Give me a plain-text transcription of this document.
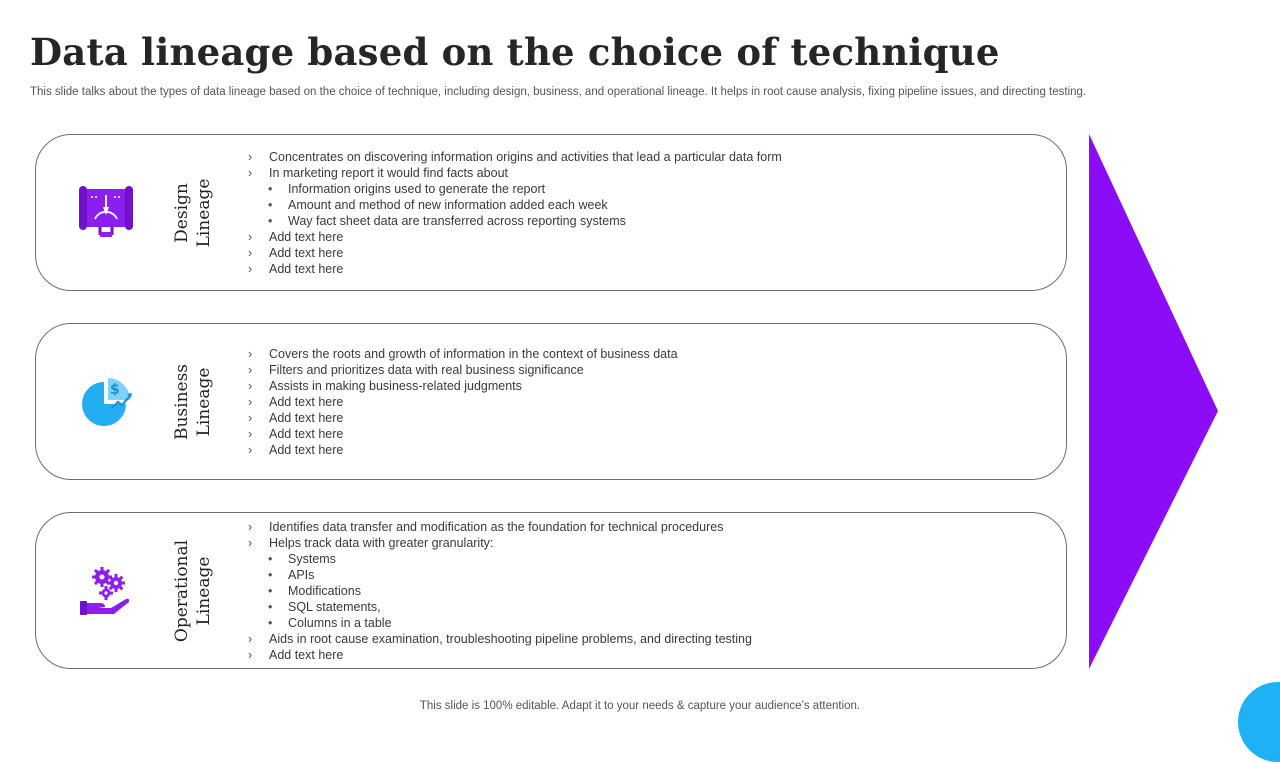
Data lineage based on the choice of technique
This slide talks about the types of data lineage based on the choice of technique, including design, business, and operational lineage. It helps in root cause analysis, fixing pipeline issues, and directing testing.
Design Lineage
› Concentrates on discovering information origins and activities that lead a particular data form
› In marketing report it would find facts about
• Information origins used to generate the report
• Amount and method of new information added each week
• Way fact sheet data are transferred across reporting systems
› Add text here
› Add text here
› Add text here
$	Business Lineage
› Covers the roots and growth of information in the context of business data
› Filters and prioritizes data with real business significance
› Assists in making business-related judgments
› Add text here
› Add text here
› Add text here
› Add text here
Operational Lineage
› Identifies data transfer and modification as the foundation for technical procedures
› Helps track data with greater granularity:
• Systems
• APIs
• Modifications
• SQL statements,
• Columns in a table
› Aids in root cause examination, troubleshooting pipeline problems, and directing testing
› Add text here
This slide is 100% editable. Adapt it to your needs & capture your audience’s attention.
